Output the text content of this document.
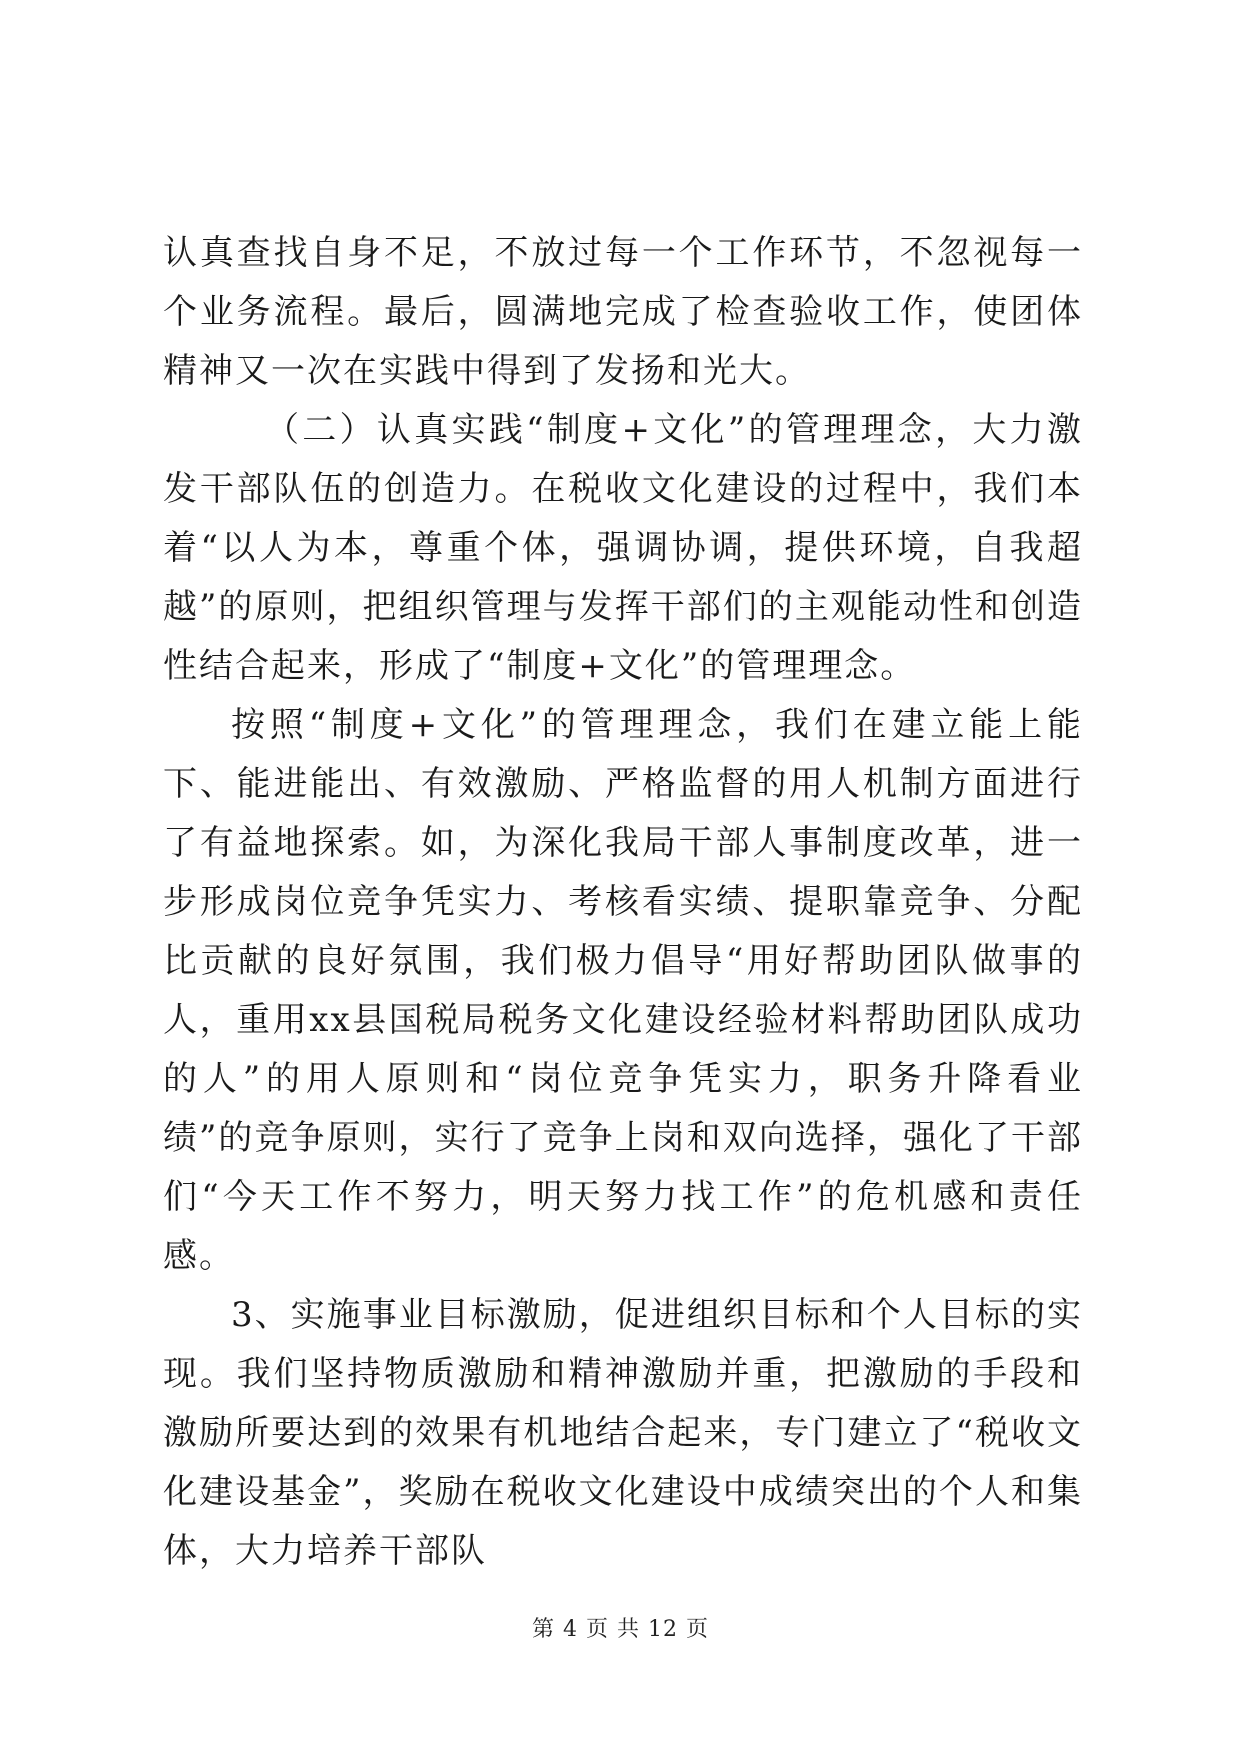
认真查找自身不足，不放过每一个工作环节，不忽视每一个业务流程。最后，圆满地完成了检查验收工作，使团体精神又一次在实践中得到了发扬和光大。

（二）认真实践“制度+文化”的管理理念，大力激发干部队伍的创造力。在税收文化建设的过程中，我们本着“以人为本，尊重个体，强调协调，提供环境，自我超越”的原则，把组织管理与发挥干部们的主观能动性和创造性结合起来，形成了“制度+文化”的管理理念。

按照“制度+文化”的管理理念，我们在建立能上能下、能进能出、有效激励、严格监督的用人机制方面进行了有益地探索。如，为深化我局干部人事制度改革，进一步形成岗位竞争凭实力、考核看实绩、提职靠竞争、分配比贡献的良好氛围，我们极力倡导“用好帮助团队做事的人，重用xx县国税局税务文化建设经验材料帮助团队成功的人”的用人原则和“岗位竞争凭实力，职务升降看业绩”的竞争原则，实行了竞争上岗和双向选择，强化了干部们“今天工作不努力，明天努力找工作”的危机感和责任感。

3、实施事业目标激励，促进组织目标和个人目标的实现。我们坚持物质激励和精神激励并重，把激励的手段和激励所要达到的效果有机地结合起来，专门建立了“税收文化建设基金”，奖励在税收文化建设中成绩突出的个人和集体，大力培养干部队

第 4 页 共 12 页
